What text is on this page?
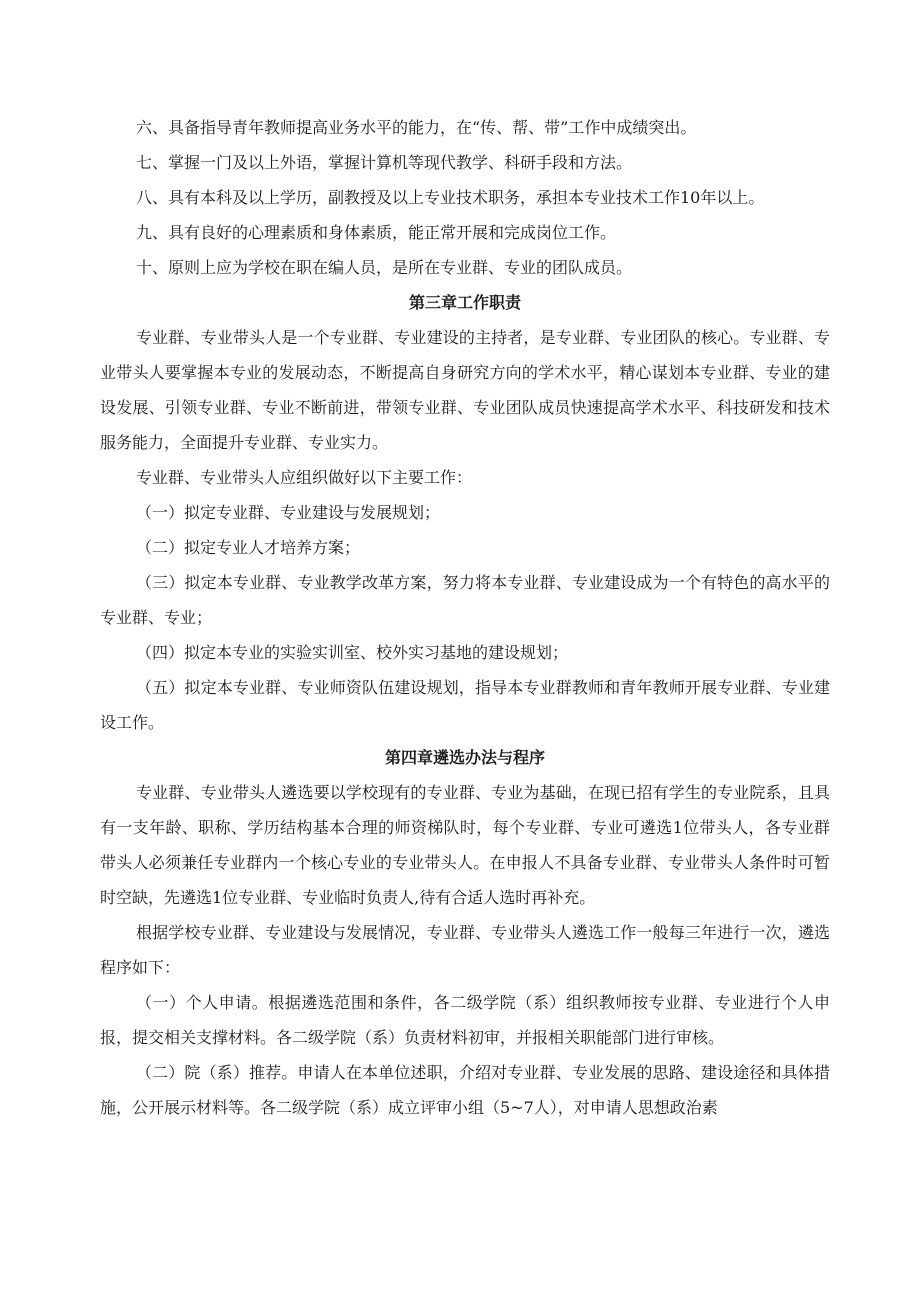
六、具备指导青年教师提高业务水平的能力，在“传、帮、带”工作中成绩突出。

七、掌握一门及以上外语，掌握计算机等现代教学、科研手段和方法。

八、具有本科及以上学历，副教授及以上专业技术职务，承担本专业技术工作10年以上。

九、具有良好的心理素质和身体素质，能正常开展和完成岗位工作。

十、原则上应为学校在职在编人员，是所在专业群、专业的团队成员。

第三章工作职责

专业群、专业带头人是一个专业群、专业建设的主持者，是专业群、专业团队的核心。专业群、专业带头人要掌握本专业的发展动态，不断提高自身研究方向的学术水平，精心谋划本专业群、专业的建设发展、引领专业群、专业不断前进，带领专业群、专业团队成员快速提高学术水平、科技研发和技术服务能力，全面提升专业群、专业实力。

专业群、专业带头人应组织做好以下主要工作：

（一）拟定专业群、专业建设与发展规划；

（二）拟定专业人才培养方案；

（三）拟定本专业群、专业教学改革方案，努力将本专业群、专业建设成为一个有特色的高水平的专业群、专业；

（四）拟定本专业的实验实训室、校外实习基地的建设规划；

（五）拟定本专业群、专业师资队伍建设规划，指导本专业群教师和青年教师开展专业群、专业建设工作。

第四章遴选办法与程序

专业群、专业带头人遴选要以学校现有的专业群、专业为基础，在现已招有学生的专业院系，且具有一支年龄、职称、学历结构基本合理的师资梯队时，每个专业群、专业可遴选1位带头人，各专业群带头人必须兼任专业群内一个核心专业的专业带头人。在申报人不具备专业群、专业带头人条件时可暂时空缺，先遴选1位专业群、专业临时负责人,待有合适人选时再补充。

根据学校专业群、专业建设与发展情况，专业群、专业带头人遴选工作一般每三年进行一次，遴选程序如下：

（一）个人申请。根据遴选范围和条件，各二级学院（系）组织教师按专业群、专业进行个人申报，提交相关支撑材料。各二级学院（系）负责材料初审，并报相关职能部门进行审核。

（二）院（系）推荐。申请人在本单位述职，介绍对专业群、专业发展的思路、建设途径和具体措施，公开展示材料等。各二级学院（系）成立评审小组（5~7人），对申请人思想政治素
